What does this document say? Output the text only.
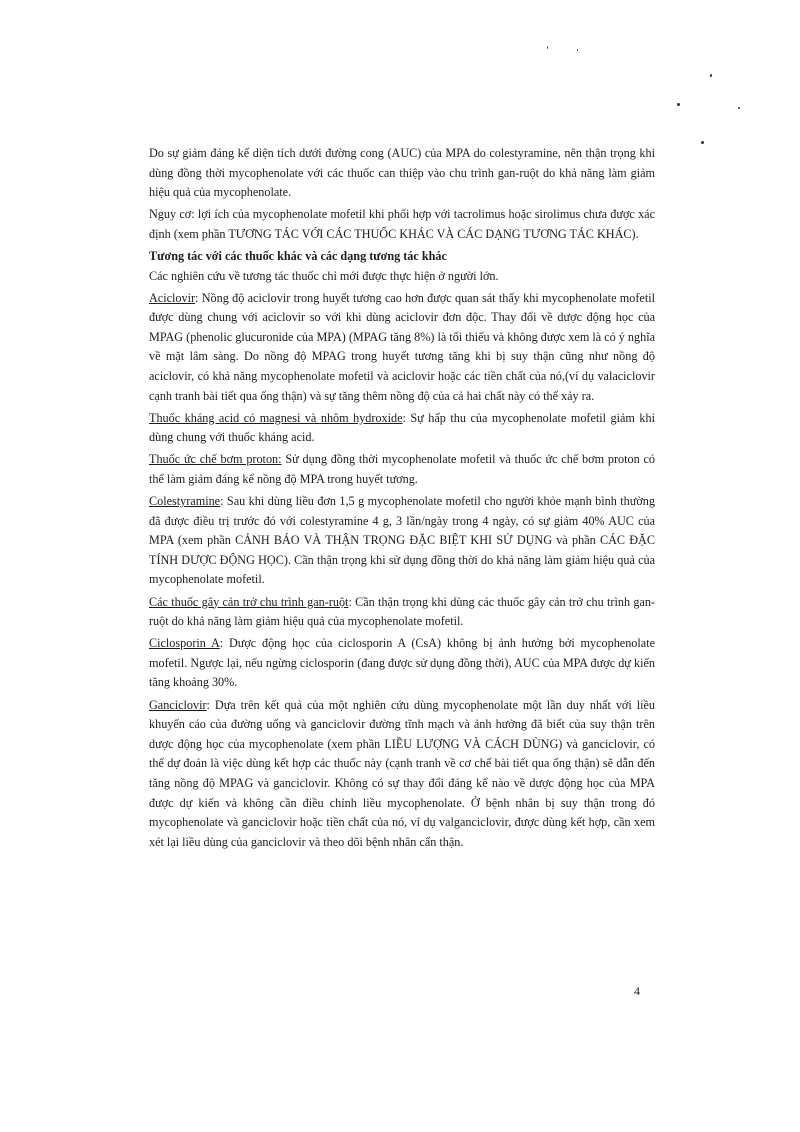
Do sự giảm đáng kể diện tích dưới đường cong (AUC) của MPA do colestyramine, nên thận trọng khi dùng đồng thời mycophenolate với các thuốc can thiệp vào chu trình gan-ruột do khả năng làm giảm hiệu quả của mycophenolate.

Nguy cơ: lợi ích của mycophenolate mofetil khi phối hợp với tacrolimus hoặc sirolimus chưa được xác định (xem phần TƯƠNG TÁC VỚI CÁC THUỐC KHÁC VÀ CÁC DẠNG TƯƠNG TÁC KHÁC).

Tương tác với các thuốc khác và các dạng tương tác khác

Các nghiên cứu về tương tác thuốc chỉ mới được thực hiện ở người lớn.

Aciclovir: Nồng độ aciclovir trong huyết tương cao hơn được quan sát thấy khi mycophenolate mofetil được dùng chung với aciclovir so với khi dùng aciclovir đơn độc. Thay đổi về dược động học của MPAG (phenolic glucuronide của MPA) (MPAG tăng 8%) là tối thiểu và không được xem là có ý nghĩa về mặt lâm sàng. Do nồng độ MPAG trong huyết tương tăng khi bị suy thận cũng như nồng độ aciclovir, có khả năng mycophenolate mofetil và aciclovir hoặc các tiền chất của nó,(ví dụ valaciclovir cạnh tranh bài tiết qua ống thận) và sự tăng thêm nồng độ của cả hai chất này có thể xảy ra.

Thuốc kháng acid có magnesi và nhôm hydroxide: Sự hấp thu của mycophenolate mofetil giảm khi dùng chung với thuốc kháng acid.

Thuốc ức chế bơm proton: Sử dụng đồng thời mycophenolate mofetil và thuốc ức chế bơm proton có thể làm giảm đáng kể nồng độ MPA trong huyết tương.

Colestyramine: Sau khi dùng liều đơn 1,5 g mycophenolate mofetil cho người khỏe mạnh bình thường đã được điều trị trước đó với colestyramine 4 g, 3 lần/ngày trong 4 ngày, có sự giảm 40% AUC của MPA (xem phần CẢNH BÁO VÀ THẬN TRỌNG ĐẶC BIỆT KHI SỬ DỤNG và phần CÁC ĐẶC TÍNH DƯỢC ĐỘNG HỌC). Cần thận trọng khi sử dụng đồng thời do khả năng làm giảm hiệu quả của mycophenolate mofetil.

Các thuốc gây cản trở chu trình gan-ruột: Cần thận trọng khi dùng các thuốc gây cản trở chu trình gan-ruột do khả năng làm giảm hiệu quả của mycophenolate mofetil.

Ciclosporin A: Dược động học của ciclosporin A (CsA) không bị ảnh hưởng bởi mycophenolate mofetil. Ngược lại, nếu ngừng ciclosporin (đang được sử dụng đồng thời), AUC của MPA được dự kiến tăng khoảng 30%.

Ganciclovir: Dựa trên kết quả của một nghiên cứu dùng mycophenolate một lần duy nhất với liều khuyến cáo của đường uống và ganciclovir đường tĩnh mạch và ảnh hưởng đã biết của suy thận trên dược động học của mycophenolate (xem phần LIỀU LƯỢNG VÀ CÁCH DÙNG) và ganciclovir, có thể dự đoán là việc dùng kết hợp các thuốc này (cạnh tranh về cơ chế bài tiết qua ống thận) sẽ dẫn đến tăng nồng độ MPAG và ganciclovir. Không có sự thay đổi đáng kể nào về dược động học của MPA được dự kiến và không cần điều chỉnh liều mycophenolate. Ở bệnh nhân bị suy thận trong đó mycophenolate và ganciclovir hoặc tiền chất của nó, ví dụ valganciclovir, được dùng kết hợp, cần xem xét lại liều dùng của ganciclovir và theo dõi bệnh nhân cẩn thận.

4
